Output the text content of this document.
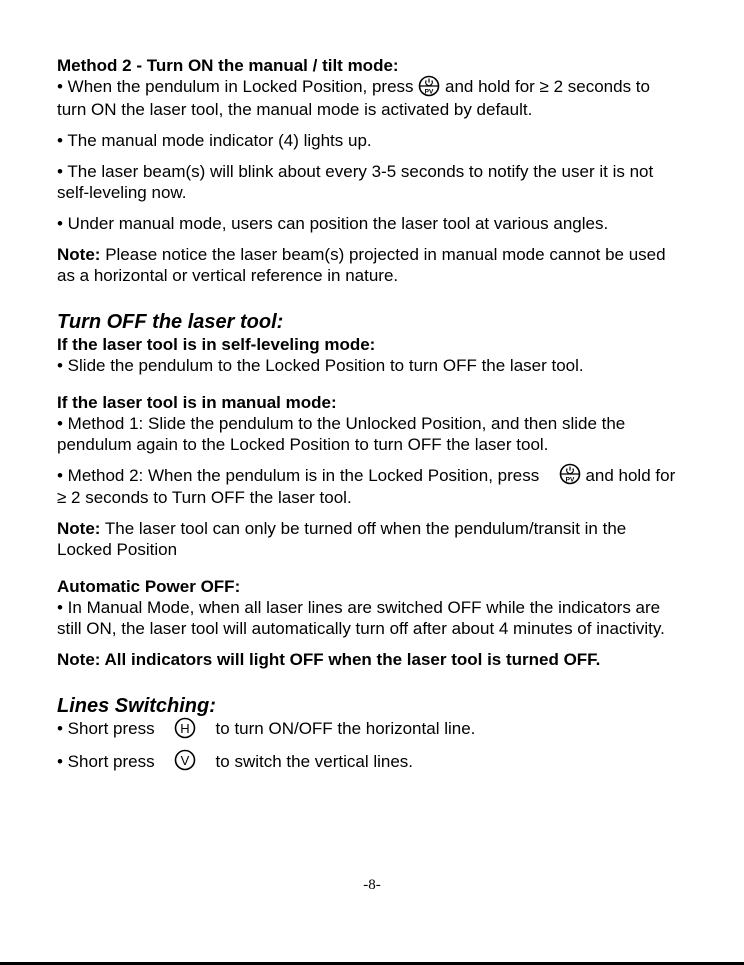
Method 2 - Turn ON the manual / tilt mode:

• When the pendulum in Locked Position, press PV and hold for ≥ 2 seconds to turn ON the laser tool, the manual mode is activated by default.

• The manual mode indicator (4) lights up.

• The laser beam(s) will blink about every 3-5 seconds to notify the user it is not self-leveling now.

• Under manual mode, users can position the laser tool at various angles.

Note: Please notice the laser beam(s) projected in manual mode cannot be used as a horizontal or vertical reference in nature.

Turn OFF the laser tool:

If the laser tool is in self-leveling mode:

• Slide the pendulum to the Locked Position to turn OFF the laser tool.

If the laser tool is in manual mode:

• Method 1: Slide the pendulum to the Unlocked Position, and then slide the pendulum again to the Locked Position to turn OFF the laser tool.

• Method 2: When the pendulum is in the Locked Position, press	PV and hold for ≥ 2 seconds to Turn OFF the laser tool.

Note: The laser tool can only be turned off when the pendulum/transit in the Locked Position

Automatic Power OFF:

• In Manual Mode, when all laser lines are switched OFF while the indicators are still ON, the laser tool will automatically turn off after about 4 minutes of inactivity.

Note: All indicators will light OFF when the laser tool is turned OFF.

Lines Switching:

• Short press H to turn ON/OFF the horizontal line.
• Short press V to switch the vertical lines.
-8-
